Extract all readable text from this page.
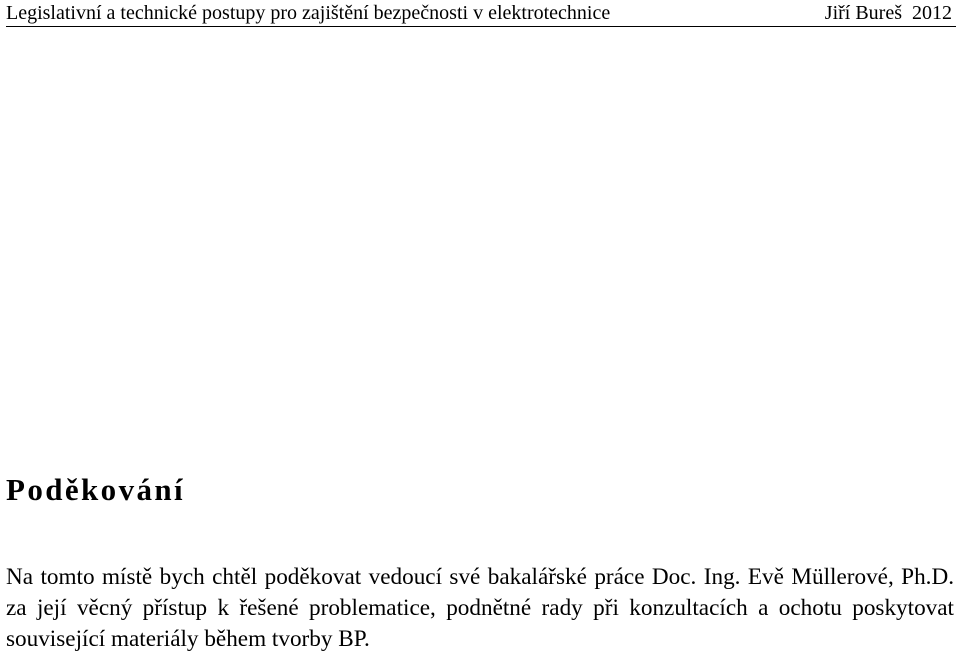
Legislativní a technické postupy pro zajištění bezpečnosti v elektrotechnice	Jiří Bureš 2012
Poděkování

Na tomto místě bych chtěl poděkovat vedoucí své bakalářské práce Doc. Ing. Evě Müllerové, Ph.D. za její věcný přístup k řešené problematice, podnětné rady při konzultacích a ochotu poskytovat související materiály během tvorby BP.
